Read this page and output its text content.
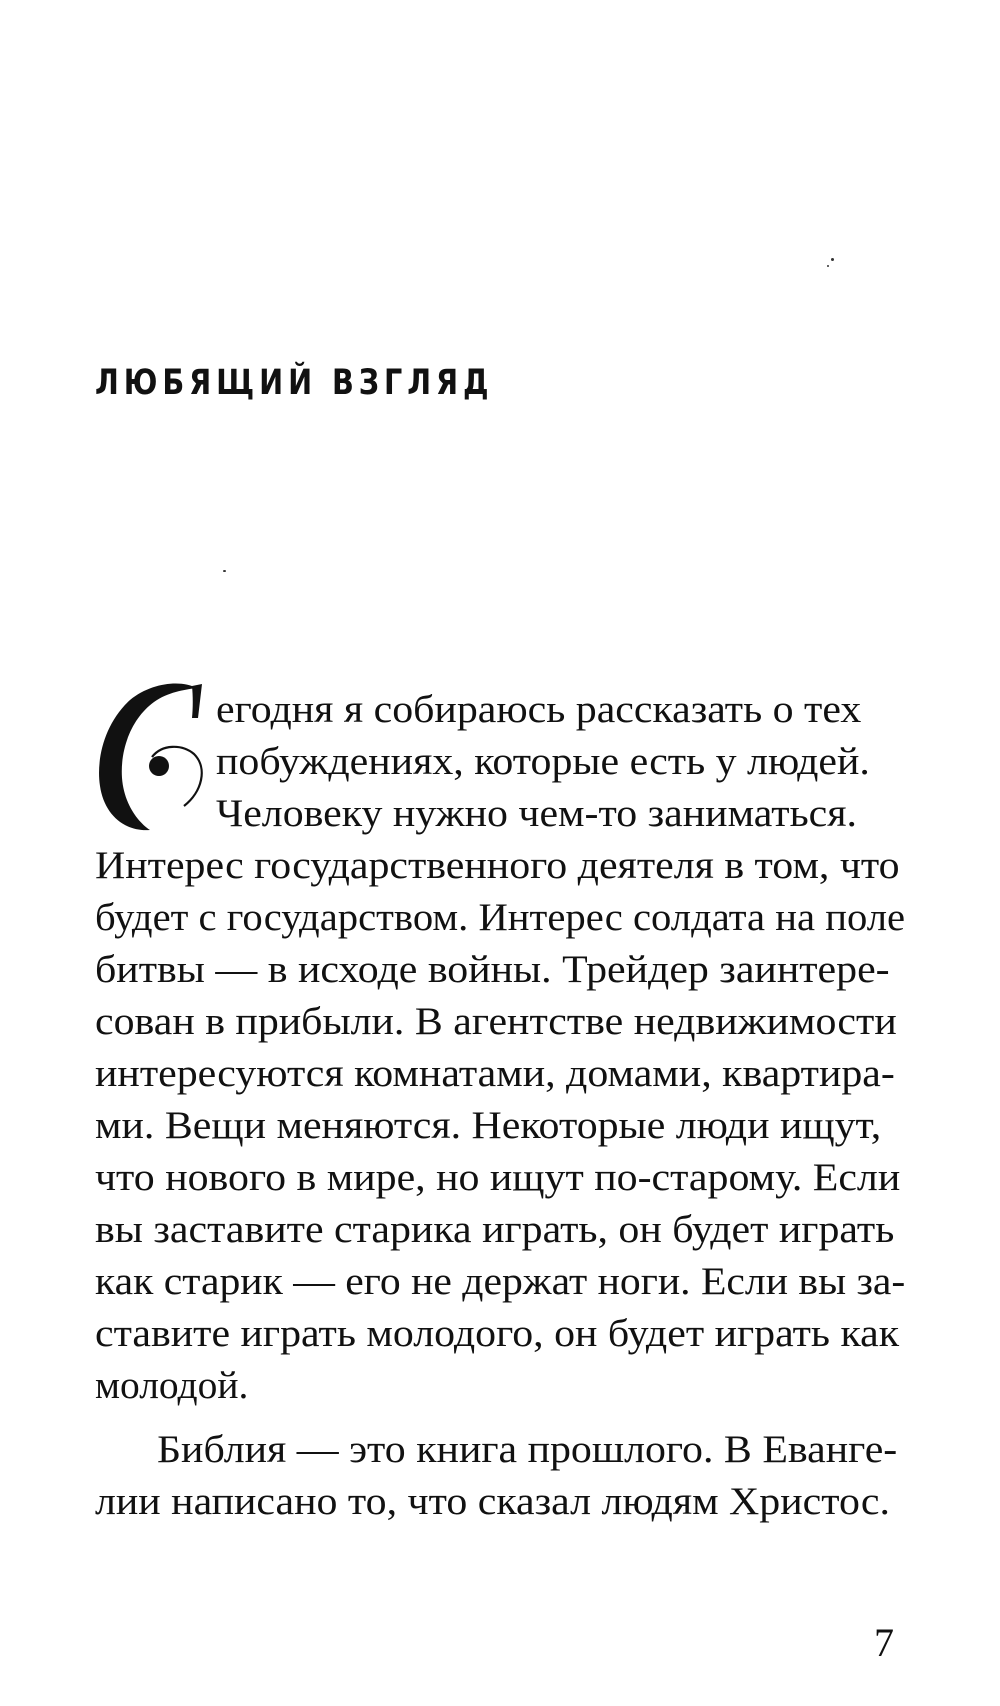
ЛЮБЯЩИЙ ВЗГЛЯД

егодня я собираюсь рассказать о тех

побуждениях, которые есть у людей.

Человеку нужно чем-то заниматься.

Интерес государственного деятеля в том, что

будет с государством. Интерес солдата на поле

битвы — в исходе войны. Трейдер заинтере-

сован в прибыли. В агентстве недвижимости

интересуются комнатами, домами, квартира-

ми. Вещи меняются. Некоторые люди ищут,

что нового в мире, но ищут по-старому. Если

вы заставите старика играть, он будет играть

как старик — его не держат ноги. Если вы за-

ставите играть молодого, он будет играть как

молодой.

Библия — это книга прошлого. В Еванге-

лии написано то, что сказал людям Христос.

7
